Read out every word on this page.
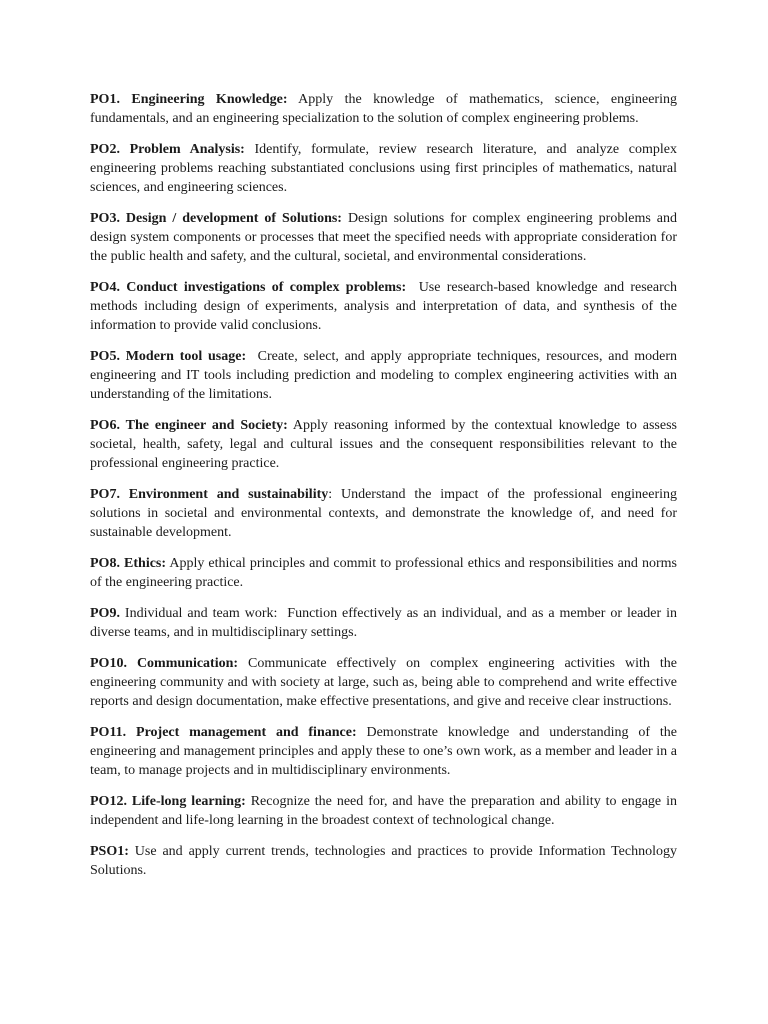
PO1. Engineering Knowledge: Apply the knowledge of mathematics, science, engineering fundamentals, and an engineering specialization to the solution of complex engineering problems.

PO2. Problem Analysis: Identify, formulate, review research literature, and analyze complex engineering problems reaching substantiated conclusions using first principles of mathematics, natural sciences, and engineering sciences.

PO3. Design / development of Solutions: Design solutions for complex engineering problems and design system components or processes that meet the specified needs with appropriate consideration for the public health and safety, and the cultural, societal, and environmental considerations.

PO4. Conduct investigations of complex problems:  Use research-based knowledge and research methods including design of experiments, analysis and interpretation of data, and synthesis of the information to provide valid conclusions.

PO5. Modern tool usage:  Create, select, and apply appropriate techniques, resources, and modern engineering and IT tools including prediction and modeling to complex engineering activities with an understanding of the limitations.

PO6. The engineer and Society: Apply reasoning informed by the contextual knowledge to assess societal, health, safety, legal and cultural issues and the consequent responsibilities relevant to the professional engineering practice.

PO7. Environment and sustainability: Understand the impact of the professional engineering solutions in societal and environmental contexts, and demonstrate the knowledge of, and need for sustainable development.

PO8. Ethics: Apply ethical principles and commit to professional ethics and responsibilities and norms of the engineering practice.

PO9. Individual and team work:  Function effectively as an individual, and as a member or leader in diverse teams, and in multidisciplinary settings.

PO10. Communication: Communicate effectively on complex engineering activities with the engineering community and with society at large, such as, being able to comprehend and write effective reports and design documentation, make effective presentations, and give and receive clear instructions.

PO11. Project management and finance: Demonstrate knowledge and understanding of the engineering and management principles and apply these to one’s own work, as a member and leader in a team, to manage projects and in multidisciplinary environments.

PO12. Life-long learning: Recognize the need for, and have the preparation and ability to engage in independent and life-long learning in the broadest context of technological change.

PSO1: Use and apply current trends, technologies and practices to provide Information Technology Solutions.
